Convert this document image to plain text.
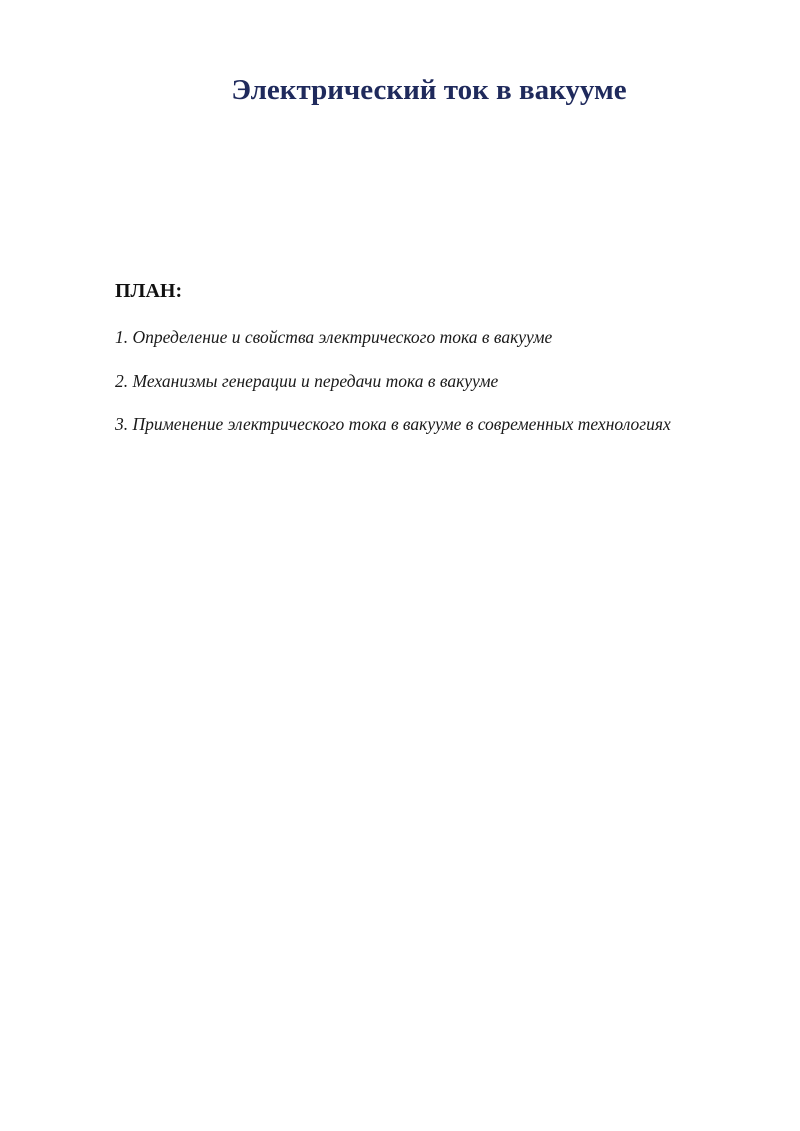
Электрический ток в вакууме
ПЛАН:
1. Определение и свойства электрического тока в вакууме
2. Механизмы генерации и передачи тока в вакууме
3. Применение электрического тока в вакууме в современных технологиях
